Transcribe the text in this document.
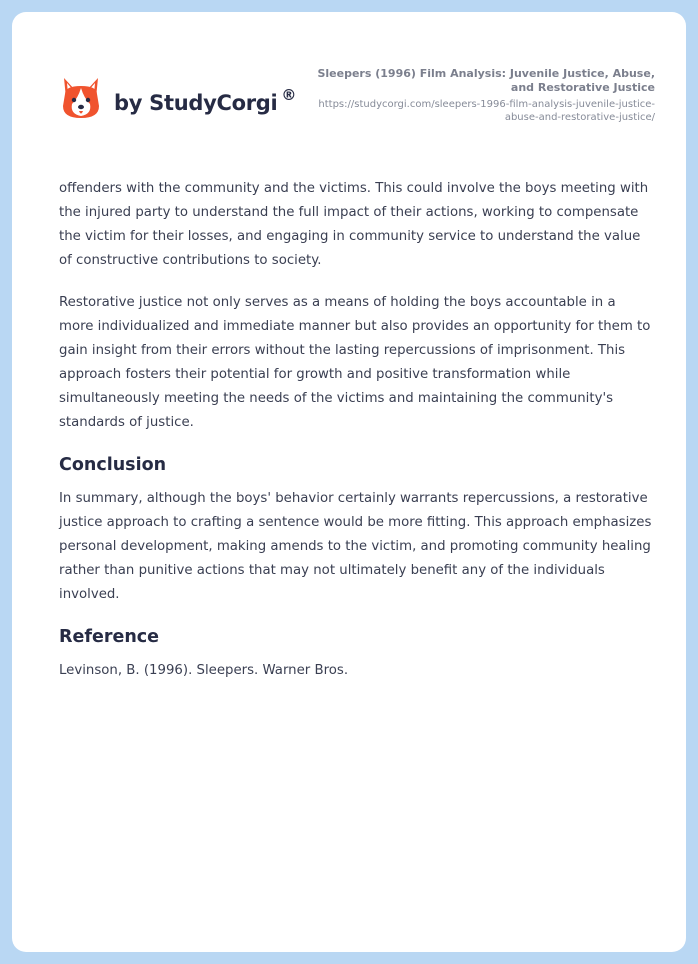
by StudyCorgi ®
Sleepers (1996) Film Analysis: Juvenile Justice, Abuse, and Restorative Justice
https://studycorgi.com/sleepers-1996-film-analysis-juvenile-justice-abuse-and-restorative-justice/

offenders with the community and the victims. This could involve the boys meeting with the injured party to understand the full impact of their actions, working to compensate the victim for their losses, and engaging in community service to understand the value of constructive contributions to society.

Restorative justice not only serves as a means of holding the boys accountable in a more individualized and immediate manner but also provides an opportunity for them to gain insight from their errors without the lasting repercussions of imprisonment. This approach fosters their potential for growth and positive transformation while simultaneously meeting the needs of the victims and maintaining the community's standards of justice.

Conclusion

In summary, although the boys' behavior certainly warrants repercussions, a restorative justice approach to crafting a sentence would be more fitting. This approach emphasizes personal development, making amends to the victim, and promoting community healing rather than punitive actions that may not ultimately benefit any of the individuals involved.

Reference

Levinson, B. (1996). Sleepers. Warner Bros.
